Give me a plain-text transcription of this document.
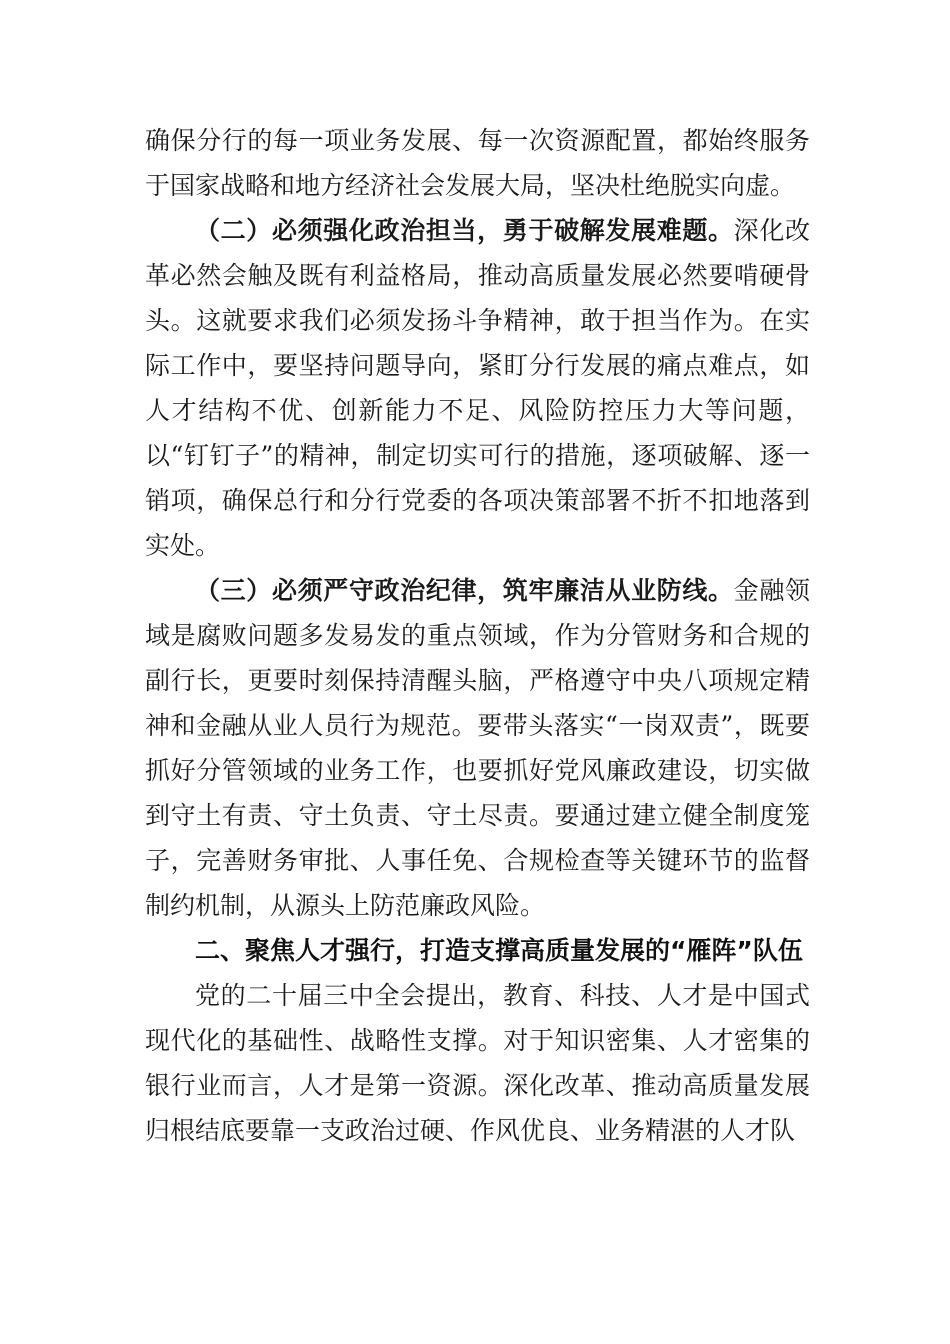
确保分行的每一项业务发展、每一次资源配置，都始终服务于国家战略和地方经济社会发展大局，坚决杜绝脱实向虚。

（二）必须强化政治担当，勇于破解发展难题。深化改革必然会触及既有利益格局，推动高质量发展必然要啃硬骨头。这就要求我们必须发扬斗争精神，敢于担当作为。在实际工作中，要坚持问题导向，紧盯分行发展的痛点难点，如人才结构不优、创新能力不足、风险防控压力大等问题，以“钉钉子”的精神，制定切实可行的措施，逐项破解、逐一销项，确保总行和分行党委的各项决策部署不折不扣地落到实处。

（三）必须严守政治纪律，筑牢廉洁从业防线。金融领域是腐败问题多发易发的重点领域，作为分管财务和合规的副行长，更要时刻保持清醒头脑，严格遵守中央八项规定精神和金融从业人员行为规范。要带头落实“一岗双责”，既要抓好分管领域的业务工作，也要抓好党风廉政建设，切实做到守土有责、守土负责、守土尽责。要通过建立健全制度笼子，完善财务审批、人事任免、合规检查等关键环节的监督制约机制，从源头上防范廉政风险。

二、聚焦人才强行，打造支撑高质量发展的“雁阵”队伍

党的二十届三中全会提出，教育、科技、人才是中国式现代化的基础性、战略性支撑。对于知识密集、人才密集的银行业而言，人才是第一资源。深化改革、推动高质量发展归根结底要靠一支政治过硬、作风优良、业务精湛的人才队
